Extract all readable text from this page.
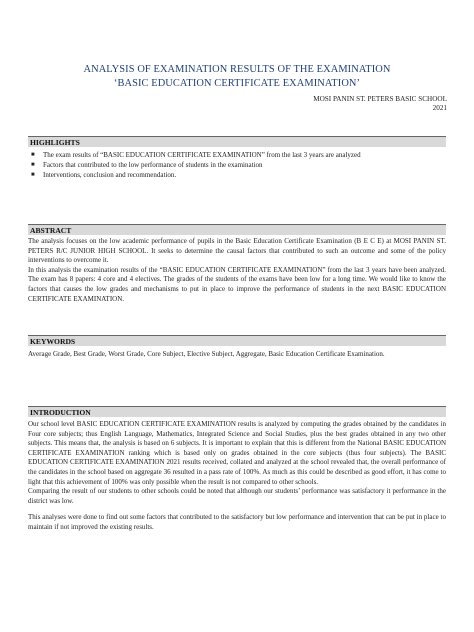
ANALYSIS OF EXAMINATION RESULTS OF THE EXAMINATION
‘BASIC EDUCATION CERTIFICATE EXAMINATION’
MOSI PANIN ST. PETERS BASIC SCHOOL
2021
HIGHLIGHTS
■ The exam results of “BASIC EDUCATION CERTIFICATE EXAMINATION” from the last 3 years are analyzed
■ Factors that contributed to the low performance of students in the examination
■ Interventions, conclusion and recommendation.
ABSTRACT

The analysis focuses on the low academic performance of pupils in the Basic Education Certificate Examination (B E C E) at MOSI PANIN ST. PETERS R/C JUNIOR HIGH SCHOOL. It seeks to determine the causal factors that contributed to such an outcome and some of the policy interventions to overcome it.

In this analysis the examination results of the “BASIC EDUCATION CERTIFICATE EXAMINATION” from the last 3 years have been analyzed. The exam has 8 papers: 4 core and 4 electives. The grades of the students of the exams have been low for a long time. We would like to know the factors that causes the low grades and mechanisms to put in place to improve the performance of students in the next BASIC EDUCATION CERTIFICATE EXAMINATION.

KEYWORDS
Average Grade, Best Grade, Worst Grade, Core Subject, Elective Subject, Aggregate, Basic Education Certificate Examination.
INTRODUCTION

Our school level BASIC EDUCATION CERTIFICATE EXAMINATION results is analyzed by computing the grades obtained by the candidates in Four core subjects; thus English Language, Mathematics, Integrated Science and Social Studies, plus the best grades obtained in any two other subjects. This means that, the analysis is based on 6 subjects. It is important to explain that this is different from the National BASIC EDUCATION CERTIFICATE EXAMINATION ranking which is based only on grades obtained in the core subjects (thus four subjects). The BASIC EDUCATION CERTIFICATE EXAMINATION 2021 results received, collated and analyzed at the school revealed that, the overall performance of the candidates in the school based on aggregate 36 resulted in a pass rate of 100%. As much as this could be described as good effort, it has come to light that this achievement of 100% was only possible when the result is not compared to other schools.

Comparing the result of our students to other schools could be noted that although our students’ performance was satisfactory it performance in the district was low.

This analyses were done to find out some factors that contributed to the satisfactory but low performance and intervention that can be put in place to maintain if not improved the existing results.
